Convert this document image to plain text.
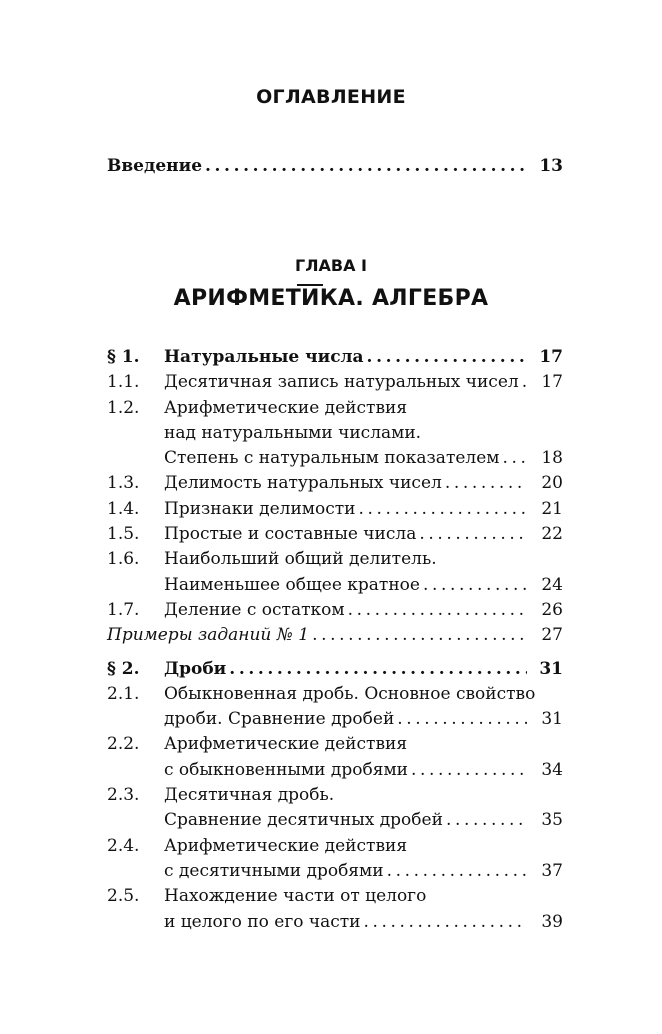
ОГЛАВЛЕНИЕ
Введение .....	13
ГЛАВА I
АРИФМЕТИКА. АЛГЕБРА
§ 1.	Натуральные числа .....	17
1.1.	Десятичная запись натуральных чисел .....	17
1.2.	Арифметические действия
над натуральными числами.
Степень с натуральным показателем .....	18
1.3.	Делимость натуральных чисел .....	20
1.4.	Признаки делимости .....	21
1.5.	Простые и составные числа .....	22
1.6.	Наибольший общий делитель.
Наименьшее общее кратное .....	24
1.7.	Деление с остатком .....	26
Примеры заданий № 1 .....	27
§ 2.	Дроби .....	31
2.1.	Обыкновенная дробь. Основное свойство
дроби. Сравнение дробей .....	31
2.2.	Арифметические действия
с обыкновенными дробями .....	34
2.3.	Десятичная дробь.
Сравнение десятичных дробей .....	35
2.4.	Арифметические действия
с десятичными дробями .....	37
2.5.	Нахождение части от целого
и целого по его части .....	39
